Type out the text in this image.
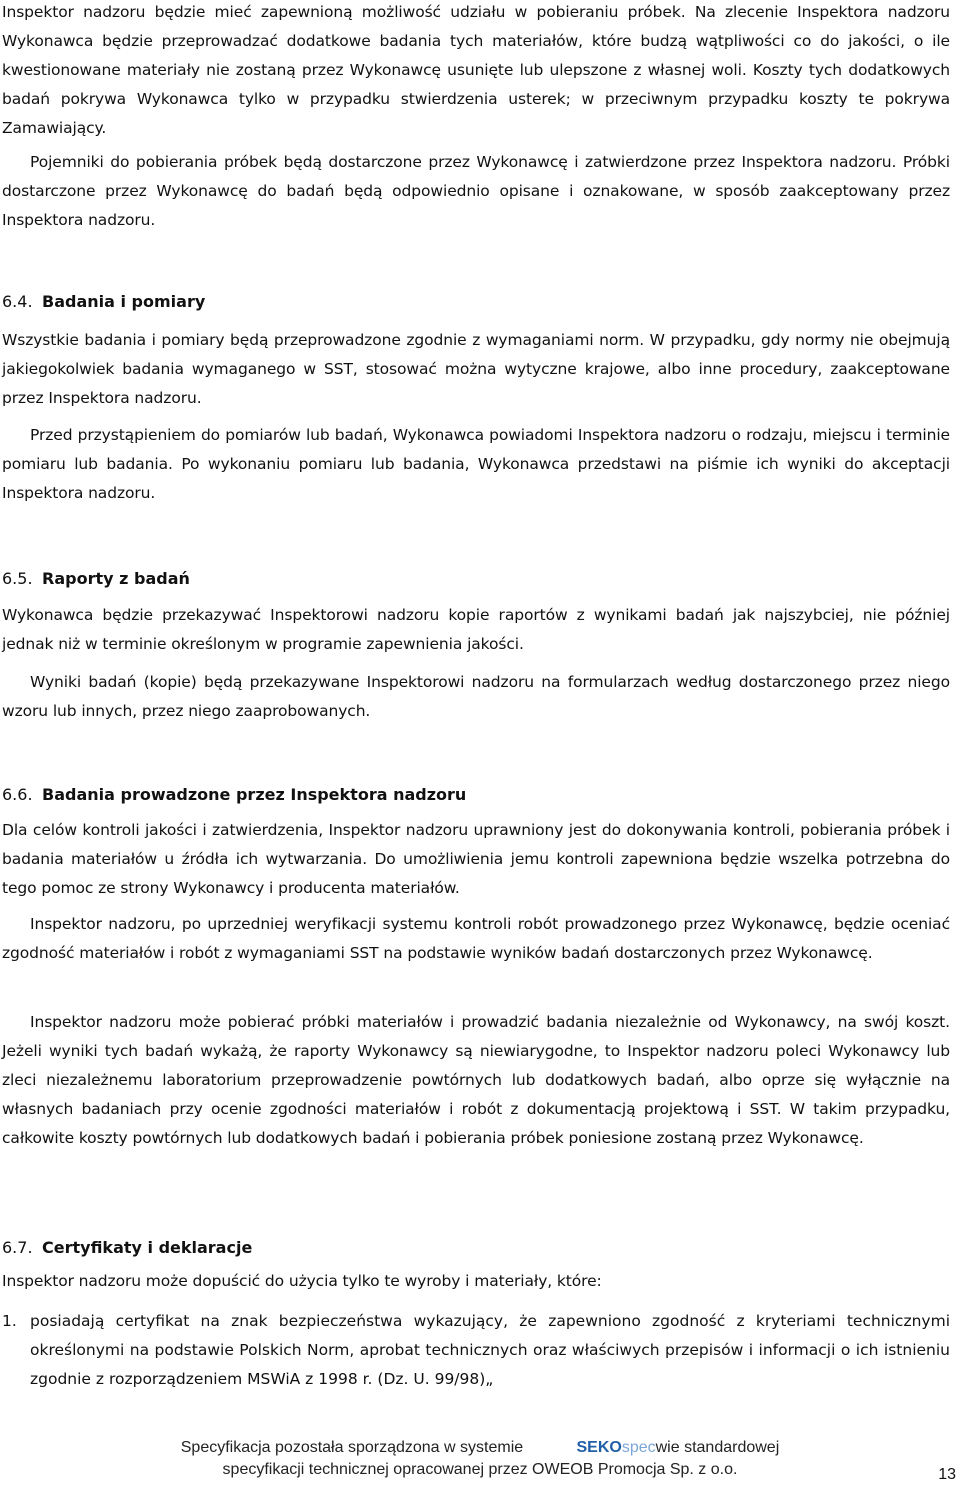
Inspektor nadzoru będzie mieć zapewnioną możliwość udziału w pobieraniu próbek. Na zlecenie Inspektora nadzoru Wykonawca będzie przeprowadzać dodatkowe badania tych materiałów, które budzą wątpliwości co do jakości, o ile kwestionowane materiały nie zostaną przez Wykonawcę usunięte lub ulepszone z własnej woli. Koszty tych dodatkowych badań pokrywa Wykonawca tylko w przypadku stwierdzenia usterek; w przeciwnym przypadku koszty te pokrywa Zamawiający.

Pojemniki do pobierania próbek będą dostarczone przez Wykonawcę i zatwierdzone przez Inspektora nadzoru. Próbki dostarczone przez Wykonawcę do badań będą odpowiednio opisane i oznakowane, w sposób zaakceptowany przez Inspektora nadzoru.

6.4. Badania i pomiary

Wszystkie badania i pomiary będą przeprowadzone zgodnie z wymaganiami norm. W przypadku, gdy normy nie obejmują jakiegokolwiek badania wymaganego w SST, stosować można wytyczne krajowe, albo inne procedury, zaakceptowane przez Inspektora nadzoru.

Przed przystąpieniem do pomiarów lub badań, Wykonawca powiadomi Inspektora nadzoru o rodzaju, miejscu i terminie pomiaru lub badania. Po wykonaniu pomiaru lub badania, Wykonawca przedstawi na piśmie ich wyniki do akceptacji Inspektora nadzoru.

6.5. Raporty z badań

Wykonawca będzie przekazywać Inspektorowi nadzoru kopie raportów z wynikami badań jak najszybciej, nie później jednak niż w terminie określonym w programie zapewnienia jakości.

Wyniki badań (kopie) będą przekazywane Inspektorowi nadzoru na formularzach według dostarczonego przez niego wzoru lub innych, przez niego zaaprobowanych.

6.6. Badania prowadzone przez Inspektora nadzoru

Dla celów kontroli jakości i zatwierdzenia, Inspektor nadzoru uprawniony jest do dokonywania kontroli, pobierania próbek i badania materiałów u źródła ich wytwarzania. Do umożliwienia jemu kontroli zapewniona będzie wszelka potrzebna do tego pomoc ze strony Wykonawcy i producenta materiałów.

Inspektor nadzoru, po uprzedniej weryfikacji systemu kontroli robót prowadzonego przez Wykonawcę, będzie oceniać zgodność materiałów i robót z wymaganiami SST na podstawie wyników badań dostarczonych przez Wykonawcę.

Inspektor nadzoru może pobierać próbki materiałów i prowadzić badania niezależnie od Wykonawcy, na swój koszt. Jeżeli wyniki tych badań wykażą, że raporty Wykonawcy są niewiarygodne, to Inspektor nadzoru poleci Wykonawcy lub zleci niezależnemu laboratorium przeprowadzenie powtórnych lub dodatkowych badań, albo oprze się wyłącznie na własnych badaniach przy ocenie zgodności materiałów i robót z dokumentacją projektową i SST. W takim przypadku, całkowite koszty powtórnych lub dodatkowych badań i pobierania próbek poniesione zostaną przez Wykonawcę.

6.7. Certyfikaty i deklaracje

Inspektor nadzoru może dopuścić do użycia tylko te wyroby i materiały, które:

1. posiadają certyfikat na znak bezpieczeństwa wykazujący, że zapewniono zgodność z kryteriami technicznymi określonymi na podstawie Polskich Norm, aprobat technicznych oraz właściwych przepisów i informacji o ich istnieniu zgodnie z rozporządzeniem MSWiA z 1998 r. (Dz. U. 99/98)„
Specyfikacja pozostała sporządzona w systemie	SEKOspecwie standardowej
specyfikacji technicznej opracowanej przez OWEOB Promocja Sp. z o.o.	13
